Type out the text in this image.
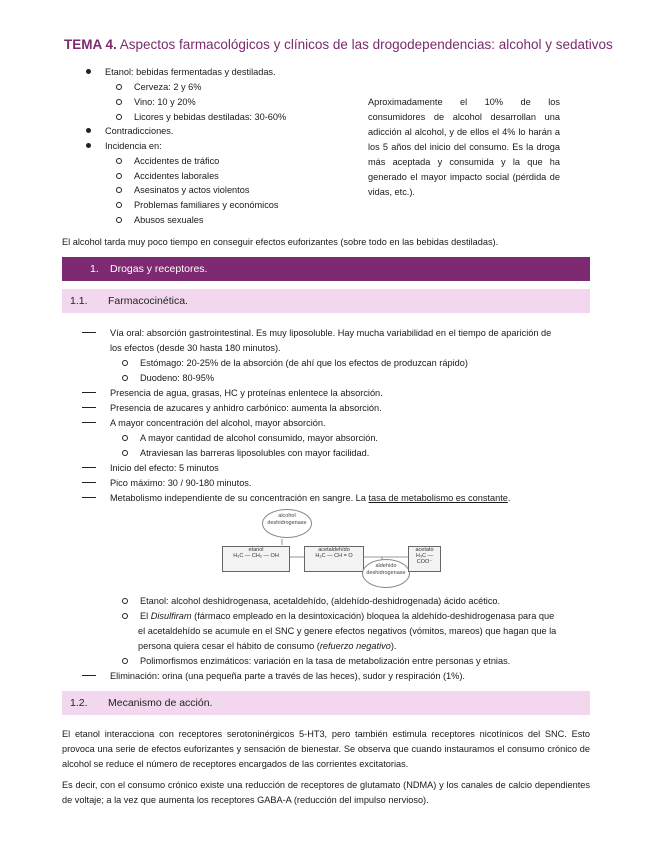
TEMA 4. Aspectos farmacológicos y clínicos de las drogodependencias: alcohol y sedativos
Etanol: bebidas fermentadas y destiladas.
Cerveza: 2 y 6%
Vino: 10 y 20%
Licores y bebidas destiladas: 30-60%
Contradicciones.
Incidencia en:
Accidentes de tráfico
Accidentes laborales
Asesinatos y actos violentos
Problemas familiares y económicos
Abusos sexuales
Aproximadamente el 10% de los consumidores de alcohol desarrollan una adicción al alcohol, y de ellos el 4% lo harán a los 5 años del inicio del consumo. Es la droga más aceptada y consumida y la que ha generado el mayor impacto social (pérdida de vidas, etc.).
El alcohol tarda muy poco tiempo en conseguir efectos euforizantes (sobre todo en las bebidas destiladas).
1. Drogas y receptores.
1.1. Farmacocinética.
Vía oral: absorción gastrointestinal. Es muy liposoluble. Hay mucha variabilidad en el tiempo de aparición de
los efectos (desde 30 hasta 180 minutos).
Estómago: 20-25% de la absorción (de ahí que los efectos de produzcan rápido)
Duodeno: 80-95%
Presencia de agua, grasas, HC y proteínas enlentece la absorción.
Presencia de azucares y anhidro carbónico: aumenta la absorción.
A mayor concentración del alcohol, mayor absorción.
A mayor cantidad de alcohol consumido, mayor absorción.
Atraviesan las barreras liposolubles con mayor facilidad.
Inicio del efecto: 5 minutos
Pico máximo: 30 / 90-180 minutos.
Metabolismo independiente de su concentración en sangre. La tasa de metabolismo es constante.
alcohol
deshidrogenase
etanol
H₃C — CH₂ — OH
acetaldehído
H₃C — CH = O
aldehído
deshidrogenase
acetato
H₃C — COO⁻
Etanol: alcohol deshidrogenasa, acetaldehído, (aldehído-deshidrogenada) ácido acético.
El Disulfiram (fármaco empleado en la desintoxicación) bloquea la aldehído-deshidrogenasa para que
el acetaldehído se acumule en el SNC y genere efectos negativos (vómitos, mareos) que hagan que la
persona quiera cesar el hábito de consumo (refuerzo negativo).
Polimorfismos enzimáticos: variación en la tasa de metabolización entre personas y etnias.
Eliminación: orina (una pequeña parte a través de las heces), sudor y respiración (1%).
1.2. Mecanismo de acción.
El etanol interacciona con receptores serotoninérgicos 5-HT3, pero también estimula receptores nicotínicos del SNC. Esto provoca una serie de efectos euforizantes y sensación de bienestar. Se observa que cuando instauramos el consumo crónico de alcohol se reduce el número de receptores encargados de las corrientes excitatorias.
Es decir, con el consumo crónico existe una reducción de receptores de glutamato (NDMA) y los canales de calcio dependientes de voltaje; a la vez que aumenta los receptores GABA-A (reducción del impulso nervioso).
